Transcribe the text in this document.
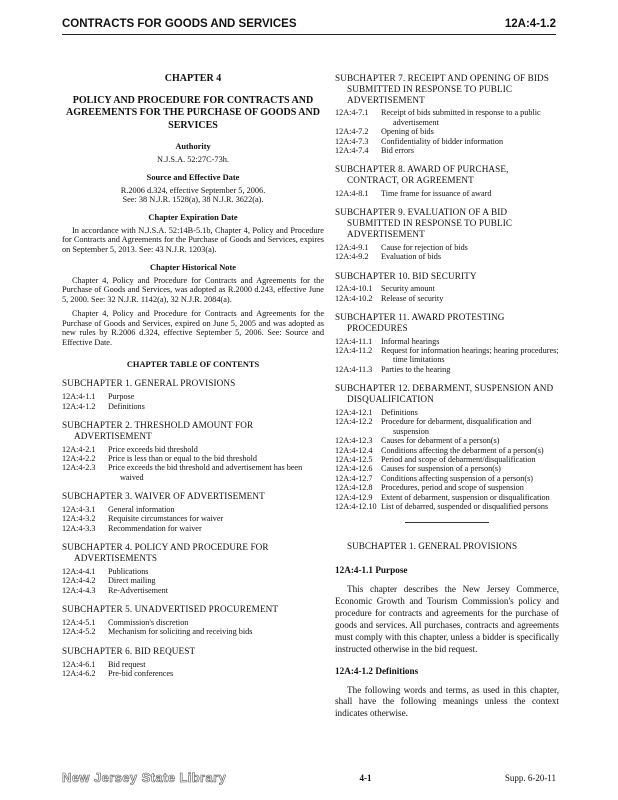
CONTRACTS FOR GOODS AND SERVICES	12A:4-1.2
CHAPTER 4
POLICY AND PROCEDURE FOR CONTRACTS AND AGREEMENTS FOR THE PURCHASE OF GOODS AND SERVICES
Authority
N.J.S.A. 52:27C-73h.
Source and Effective Date
R.2006 d.324, effective September 5, 2006.
See: 38 N.J.R. 1528(a), 38 N.J.R. 3622(a).
Chapter Expiration Date

In accordance with N.J.S.A. 52:14B-5.1b, Chapter 4, Policy and Procedure for Contracts and Agreements for the Purchase of Goods and Services, expires on September 5, 2013. See: 43 N.J.R. 1203(a).

Chapter Historical Note

Chapter 4, Policy and Procedure for Contracts and Agreements for the Purchase of Goods and Services, was adopted as R.2000 d.243, effective June 5, 2000. See: 32 N.J.R. 1142(a), 32 N.J.R. 2084(a).

Chapter 4, Policy and Procedure for Contracts and Agreements for the Purchase of Goods and Services, expired on June 5, 2005 and was adopted as new rules by R.2006 d.324, effective September 5, 2006. See: Source and Effective Date.

CHAPTER TABLE OF CONTENTS
SUBCHAPTER 1. GENERAL PROVISIONS
12A:4-1.1	Purpose
12A:4-1.2	Definitions
SUBCHAPTER 2. THRESHOLD AMOUNT FOR ADVERTISEMENT
12A:4-2.1	Price exceeds bid threshold
12A:4-2.2	Price is less than or equal to the bid threshold
12A:4-2.3	Price exceeds the bid threshold and advertisement has been waived
SUBCHAPTER 3. WAIVER OF ADVERTISEMENT
12A:4-3.1	General information
12A:4-3.2	Requisite circumstances for waiver
12A:4-3.3	Recommendation for waiver
SUBCHAPTER 4. POLICY AND PROCEDURE FOR ADVERTISEMENTS
12A:4-4.1	Publications
12A:4-4.2	Direct mailing
12A:4-4.3	Re-Advertisement
SUBCHAPTER 5. UNADVERTISED PROCUREMENT
12A:4-5.1	Commission's discretion
12A:4-5.2	Mechanism for soliciting and receiving bids
SUBCHAPTER 6. BID REQUEST
12A:4-6.1	Bid request
12A:4-6.2	Pre-bid conferences
SUBCHAPTER 7. RECEIPT AND OPENING OF BIDS SUBMITTED IN RESPONSE TO PUBLIC ADVERTISEMENT
12A:4-7.1	Receipt of bids submitted in response to a public advertisement
12A:4-7.2	Opening of bids
12A:4-7.3	Confidentiality of bidder information
12A:4-7.4	Bid errors
SUBCHAPTER 8. AWARD OF PURCHASE, CONTRACT, OR AGREEMENT
12A:4-8.1	Time frame for issuance of award
SUBCHAPTER 9. EVALUATION OF A BID SUBMITTED IN RESPONSE TO PUBLIC ADVERTISEMENT
12A:4-9.1	Cause for rejection of bids
12A:4-9.2	Evaluation of bids
SUBCHAPTER 10. BID SECURITY
12A:4-10.1	Security amount
12A:4-10.2	Release of security
SUBCHAPTER 11. AWARD PROTESTING PROCEDURES
12A:4-11.1	Informal hearings
12A:4-11.2	Request for information hearings; hearing procedures; time limitations
12A:4-11.3	Parties to the hearing
SUBCHAPTER 12. DEBARMENT, SUSPENSION AND DISQUALIFICATION
12A:4-12.1	Definitions
12A:4-12.2	Procedure for debarment, disqualification and suspension
12A:4-12.3	Causes for debarment of a person(s)
12A:4-12.4	Conditions affecting the debarment of a person(s)
12A:4-12.5	Period and scope of debarment/disqualification
12A:4-12.6	Causes for suspension of a person(s)
12A:4-12.7	Conditions affecting suspension of a person(s)
12A:4-12.8	Procedures, period and scope of suspension
12A:4-12.9	Extent of debarment, suspension or disqualification
12A:4-12.10 List of debarred, suspended or disqualified persons
SUBCHAPTER 1. GENERAL PROVISIONS
12A:4-1.1 Purpose

This chapter describes the New Jersey Commerce, Economic Growth and Tourism Commission's policy and procedure for contracts and agreements for the purchase of goods and services. All purchases, contracts and agreements must comply with this chapter, unless a bidder is specifically instructed otherwise in the bid request.

12A:4-1.2 Definitions

The following words and terms, as used in this chapter, shall have the following meanings unless the context indicates otherwise.

New Jersey State Library	4-1	Supp. 6-20-11
